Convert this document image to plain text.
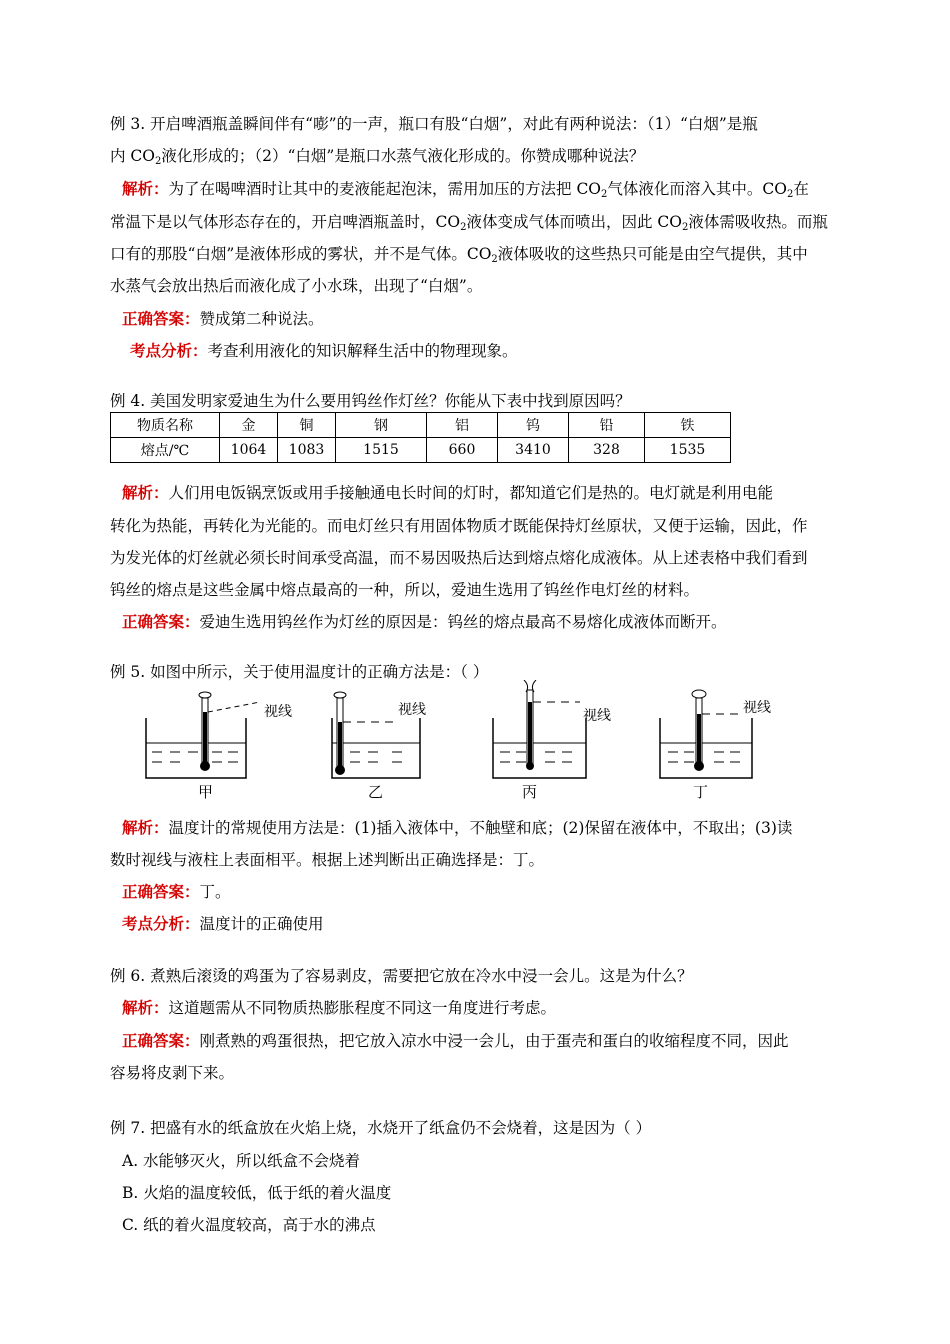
例 3. 开启啤酒瓶盖瞬间伴有“嘭”的一声，瓶口有股“白烟”，对此有两种说法：（1）“白烟”是瓶
内 $CO_2$液化形成的；（2）“白烟”是瓶口水蒸气液化形成的。你赞成哪种说法？
解析：为了在喝啤酒时让其中的麦液能起泡沫，需用加压的方法把 $CO_2$气体液化而溶入其中。$CO_2$在
常温下是以气体形态存在的，开启啤酒瓶盖时，$CO_2$液体变成气体而喷出，因此 $CO_2$液体需吸收热。而瓶
口有的那股“白烟”是液体形成的雾状，并不是气体。$CO_2$液体吸收的这些热只可能是由空气提供，其中
水蒸气会放出热后而液化成了小水珠，出现了“白烟”。
正确答案：赞成第二种说法。
考点分析：考查利用液化的知识解释生活中的物理现象。
例 4. 美国发明家爱迪生为什么要用钨丝作灯丝？你能从下表中找到原因吗？
物质名称	金	铜	钢	铝	钨	铅	铁
熔点/℃	1064	1083	1515	660	3410	328	1535
解析：人们用电饭锅烹饭或用手接触通电长时间的灯时，都知道它们是热的。电灯就是利用电能
转化为热能，再转化为光能的。而电灯丝只有用固体物质才既能保持灯丝原状，又便于运输，因此，作
为发光体的灯丝就必须长时间承受高温，而不易因吸热后达到熔点熔化成液体。从上述表格中我们看到
钨丝的熔点是这些金属中熔点最高的一种，所以，爱迪生选用了钨丝作电灯丝的材料。
正确答案：爱迪生选用钨丝作为灯丝的原因是：钨丝的熔点最高不易熔化成液体而断开。
例 5. 如图中所示，关于使用温度计的正确方法是：（ ）
视线
甲
视线
乙
视线
丙
视线
丁
解析：温度计的常规使用方法是：(1)插入液体中，不触壁和底；(2)保留在液体中，不取出；(3)读
数时视线与液柱上表面相平。根据上述判断出正确选择是：丁。
正确答案：丁。
考点分析：温度计的正确使用
例 6. 煮熟后滚烫的鸡蛋为了容易剥皮，需要把它放在冷水中浸一会儿。这是为什么？
解析：这道题需从不同物质热膨胀程度不同这一角度进行考虑。
正确答案：刚煮熟的鸡蛋很热，把它放入凉水中浸一会儿，由于蛋壳和蛋白的收缩程度不同，因此
容易将皮剥下来。
例 7. 把盛有水的纸盒放在火焰上烧，水烧开了纸盒仍不会烧着，这是因为（ ）
A. 水能够灭火，所以纸盒不会烧着
B. 火焰的温度较低，低于纸的着火温度
C. 纸的着火温度较高，高于水的沸点
